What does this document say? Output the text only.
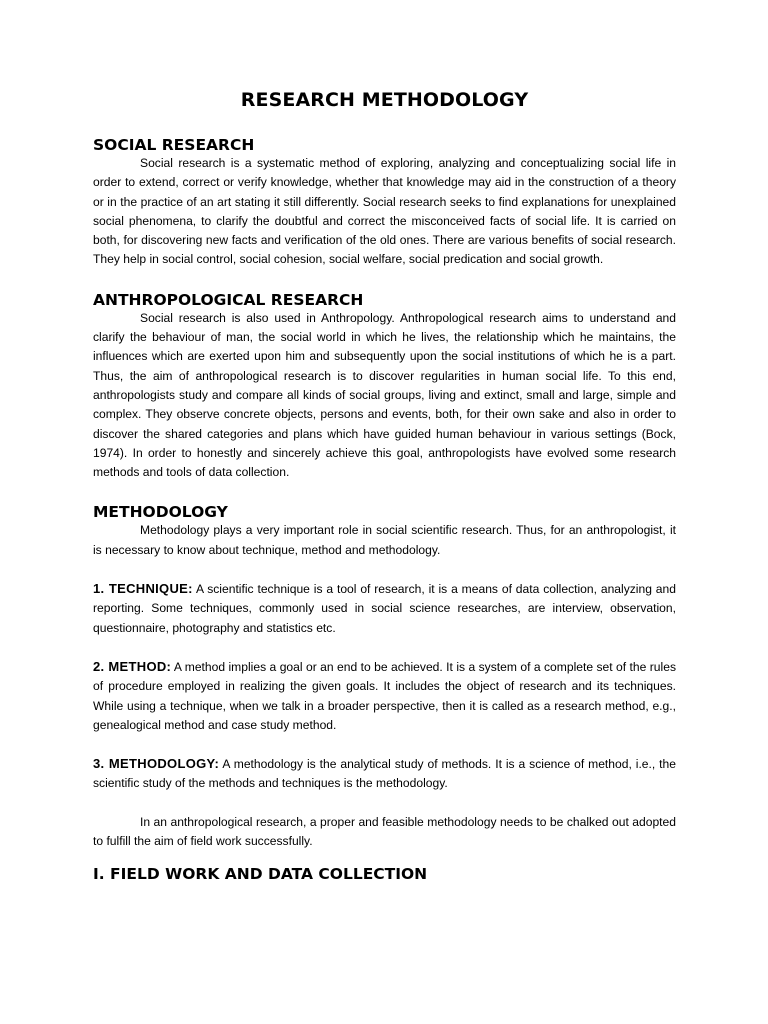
RESEARCH METHODOLOGY
SOCIAL RESEARCH

Social research is a systematic method of exploring, analyzing and conceptualizing social life in order to extend, correct or verify knowledge, whether that knowledge may aid in the construction of a theory or in the practice of an art stating it still differently. Social research seeks to find explanations for unexplained social phenomena, to clarify the doubtful and correct the misconceived facts of social life. It is carried on both, for discovering new facts and verification of the old ones. There are various benefits of social research. They help in social control, social cohesion, social welfare, social predication and social growth.

ANTHROPOLOGICAL RESEARCH

Social research is also used in Anthropology. Anthropological research aims to understand and clarify the behaviour of man, the social world in which he lives, the relationship which he maintains, the influences which are exerted upon him and subsequently upon the social institutions of which he is a part. Thus, the aim of anthropological research is to discover regularities in human social life. To this end, anthropologists study and compare all kinds of social groups, living and extinct, small and large, simple and complex. They observe concrete objects, persons and events, both, for their own sake and also in order to discover the shared categories and plans which have guided human behaviour in various settings (Bock, 1974). In order to honestly and sincerely achieve this goal, anthropologists have evolved some research methods and tools of data collection.

METHODOLOGY

Methodology plays a very important role in social scientific research. Thus, for an anthropologist, it is necessary to know about technique, method and methodology.

1. TECHNIQUE: A scientific technique is a tool of research, it is a means of data collection, analyzing and reporting. Some techniques, commonly used in social science researches, are interview, observation, questionnaire, photography and statistics etc.

2. METHOD: A method implies a goal or an end to be achieved. It is a system of a complete set of the rules of procedure employed in realizing the given goals. It includes the object of research and its techniques. While using a technique, when we talk in a broader perspective, then it is called as a research method, e.g., genealogical method and case study method.

3. METHODOLOGY: A methodology is the analytical study of methods. It is a science of method, i.e., the scientific study of the methods and techniques is the methodology.

In an anthropological research, a proper and feasible methodology needs to be chalked out adopted to fulfill the aim of field work successfully.

I. FIELD WORK AND DATA COLLECTION
